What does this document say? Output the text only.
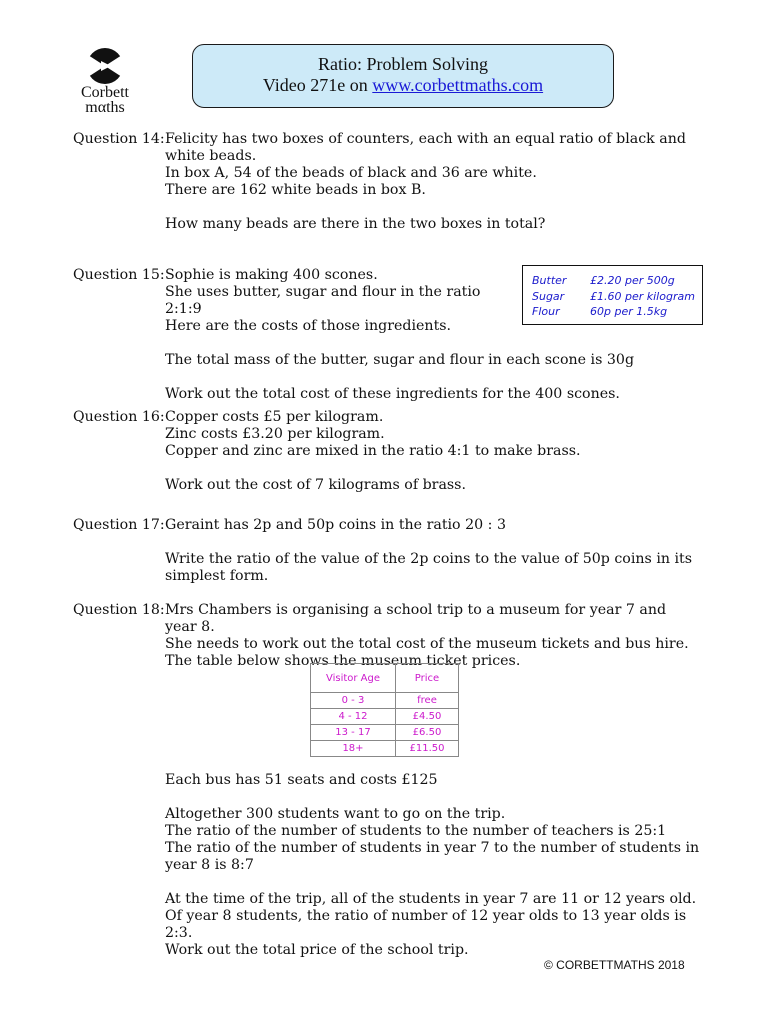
Corbett
mαths
Ratio: Problem Solving
Video 271e on www.corbettmaths.com
Question 14: Felicity has two boxes of counters, each with an equal ratio of black and white beads.

In box A, 54 of the beads of black and 36 are white.

There are 162 white beads in box B.

How many beads are there in the two boxes in total?

Question 15: Sophie is making 400 scones.

She uses butter, sugar and flour in the ratio 2:1:9

Here are the costs of those ingredients.

The total mass of the butter, sugar and flour in each scone is 30g

Work out the total cost of these ingredients for the 400 scones.

Butter	£2.20 per 500g
Sugar	£1.60 per kilogram
Flour	60p per 1.5kg
Question 16: Copper costs £5 per kilogram.

Zinc costs £3.20 per kilogram.

Copper and zinc are mixed in the ratio 4:1 to make brass.

Work out the cost of 7 kilograms of brass.

Question 17: Geraint has 2p and 50p coins in the ratio 20 : 3

Write the ratio of the value of the 2p coins to the value of 50p coins in its simplest form.

Question 18: Mrs Chambers is organising a school trip to a museum for year 7 and year 8.

She needs to work out the total cost of the museum tickets and bus hire.

The table below shows the museum ticket prices.

Visitor Age	Price
0 - 3	free
4 - 12	£4.50
13 - 17	£6.50
18+	£11.50

Each bus has 51 seats and costs £125

Altogether 300 students want to go on the trip.

The ratio of the number of students to the number of teachers is 25:1

The ratio of the number of students in year 7 to the number of students in year 8 is 8:7

At the time of the trip, all of the students in year 7 are 11 or 12 years old.

Of year 8 students, the ratio of number of 12 year olds to 13 year olds is 2:3.

Work out the total price of the school trip.

© CORBETTMATHS 2018
